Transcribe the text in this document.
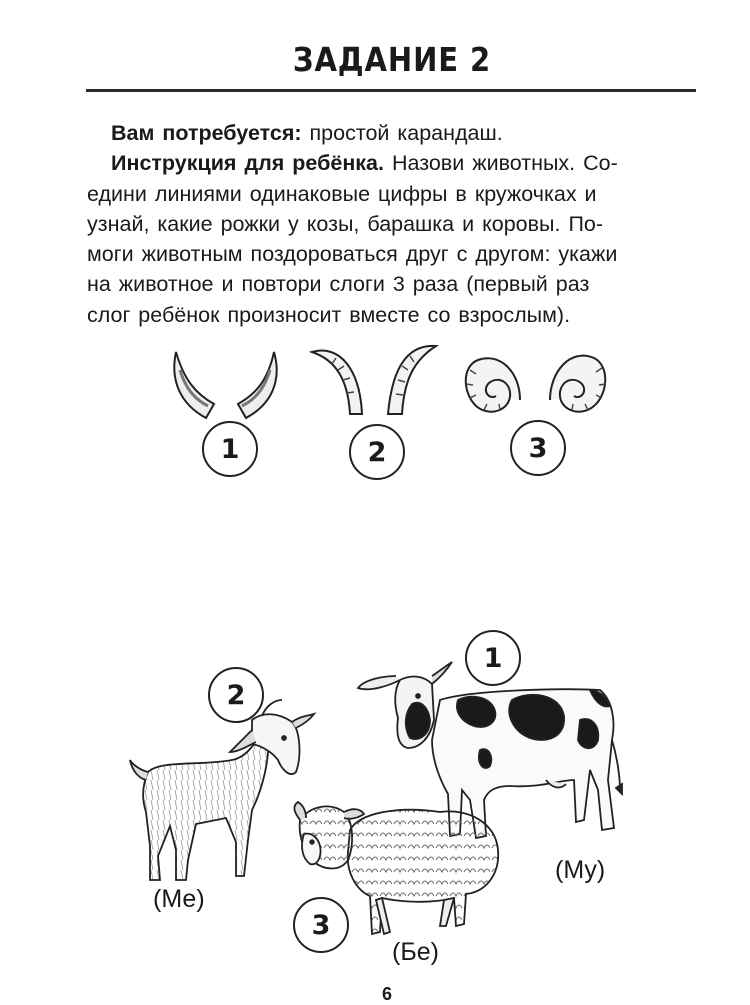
ЗАДАНИЕ 2

Вам потребуется: простой карандаш.

Инструкция для ребёнка. Назови животных. Со-

едини линиями одинаковые цифры в кружочках и

узнай, какие рожки у козы, барашка и коровы. По-

моги животным поздороваться друг с другом: укажи

на животное и повтори слоги 3 раза (первый раз

слог ребёнок произносит вместе со взрослым).

1	2	3
2
1
3
(Ме)
(Му)
(Бе)
6
